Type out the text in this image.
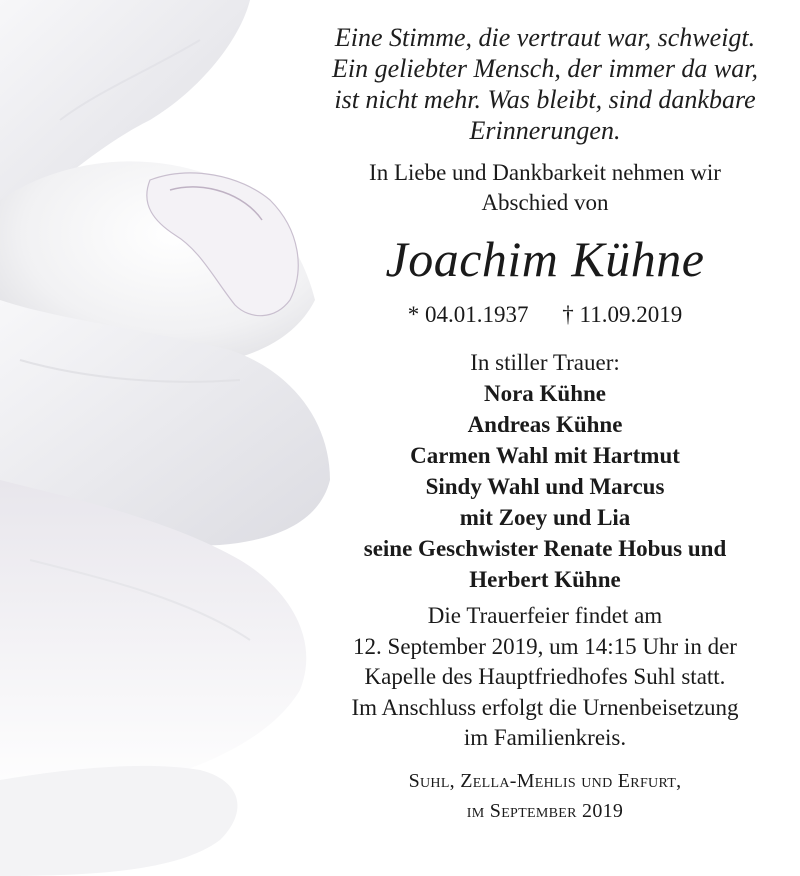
Eine Stimme, die vertraut war, schweigt.
Ein geliebter Mensch, der immer da war,
ist nicht mehr. Was bleibt, sind dankbare
Erinnerungen.
In Liebe und Dankbarkeit nehmen wir
Abschied von
Joachim Kühne
* 04.01.1937 † 11.09.2019
In stiller Trauer:
Nora Kühne
Andreas Kühne
Carmen Wahl mit Hartmut
Sindy Wahl und Marcus
mit Zoey und Lia
seine Geschwister Renate Hobus und
Herbert Kühne
Die Trauerfeier findet am
12. September 2019, um 14:15 Uhr in der
Kapelle des Hauptfriedhofes Suhl statt.
Im Anschluss erfolgt die Urnenbeisetzung
im Familienkreis.
Suhl, Zella-Mehlis und Erfurt,
im September 2019
